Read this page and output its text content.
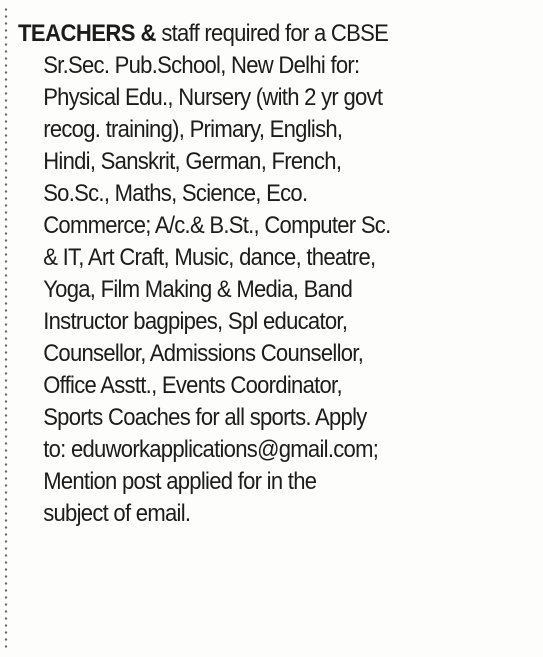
TEACHERS & staff required for a CBSE
Sr.Sec. Pub.School, New Delhi for:
Physical Edu., Nursery (with 2 yr govt
recog. training), Primary, English,
Hindi, Sanskrit, German, French,
So.Sc., Maths, Science, Eco.
Commerce; A/c.& B.St., Computer Sc.
& IT, Art Craft, Music, dance, theatre,
Yoga, Film Making & Media, Band
Instructor bagpipes, Spl educator,
Counsellor, Admissions Counsellor,
Office Asstt., Events Coordinator,
Sports Coaches for all sports. Apply
to: eduworkapplications@gmail.com;
Mention post applied for in the
subject of email.
